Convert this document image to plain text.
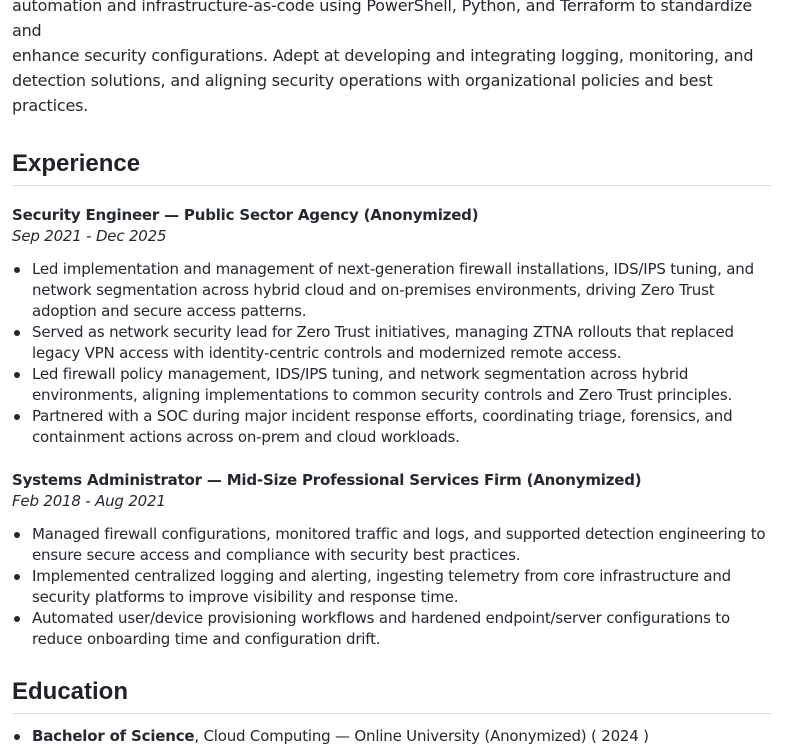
automation and infrastructure-as-code using PowerShell, Python, and Terraform to standardize and
enhance security configurations. Adept at developing and integrating logging, monitoring, and
detection solutions, and aligning security operations with organizational policies and best practices.

Experience

Security Engineer — Public Sector Agency (Anonymized)

Sep 2021 - Dec 2025

Led implementation and management of next-generation firewall installations, IDS/IPS tuning, and network segmentation across hybrid cloud and on-premises environments, driving Zero Trust adoption and secure access patterns.
Served as network security lead for Zero Trust initiatives, managing ZTNA rollouts that replaced legacy VPN access with identity-centric controls and modernized remote access.
Led firewall policy management, IDS/IPS tuning, and network segmentation across hybrid environments, aligning implementations to common security controls and Zero Trust principles.
Partnered with a SOC during major incident response efforts, coordinating triage, forensics, and containment actions across on-prem and cloud workloads.

Systems Administrator — Mid-Size Professional Services Firm (Anonymized)

Feb 2018 - Aug 2021

Managed firewall configurations, monitored traffic and logs, and supported detection engineering to ensure secure access and compliance with security best practices.
Implemented centralized logging and alerting, ingesting telemetry from core infrastructure and security platforms to improve visibility and response time.
Automated user/device provisioning workflows and hardened endpoint/server configurations to reduce onboarding time and configuration drift.
Education
Bachelor of Science, Cloud Computing — Online University (Anonymized) ( 2024 )
